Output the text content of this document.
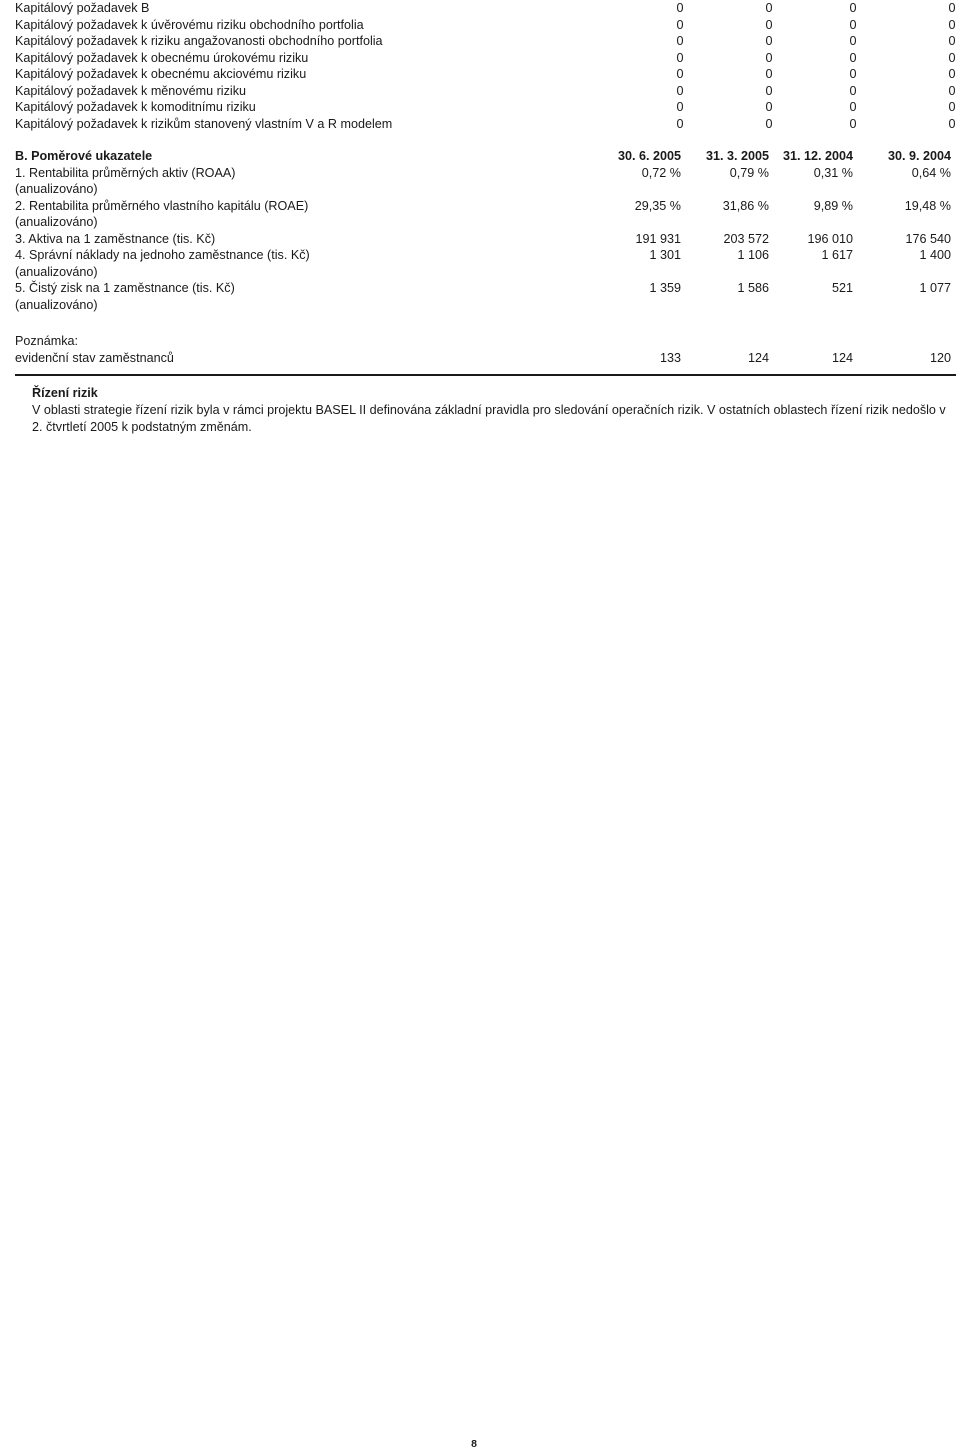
Kapitálový požadavek B	0	0	0	0
Kapitálový požadavek k úvěrovému riziku obchodního portfolia	0	0	0	0
Kapitálový požadavek k riziku angažovanosti obchodního portfolia	0	0	0	0
Kapitálový požadavek k obecnému úrokovému riziku	0	0	0	0
Kapitálový požadavek k obecnému akciovému riziku	0	0	0	0
Kapitálový požadavek k měnovému riziku	0	0	0	0
Kapitálový požadavek k komoditnímu riziku	0	0	0	0
Kapitálový požadavek k rizikům stanovený vlastním V a R modelem	0	0	0	0
B. Poměrové ukazatele	30. 6. 2005	31. 3. 2005	31. 12. 2004	30. 9. 2004
1. Rentabilita průměrných aktiv (ROAA)	0,72 %	0,79 %	0,31 %	0,64 %
(anualizováno)
2. Rentabilita průměrného vlastního kapitálu (ROAE)	29,35 %	31,86 %	9,89 %	19,48 %
(anualizováno)
3. Aktiva na 1 zaměstnance (tis. Kč)	191 931	203 572	196 010	176 540
4. Správní náklady na jednoho zaměstnance (tis. Kč)	1 301	1 106	1 617	1 400
(anualizováno)
5. Čistý zisk na 1 zaměstnance (tis. Kč)	1 359	1 586	521	1 077
(anualizováno)
Poznámka:
evidenční stav zaměstnanců	133	124	124	120
Řízení rizik

V oblasti strategie řízení rizik byla v rámci projektu BASEL II definována základní pravidla pro sledování operačních rizik. V ostatních oblastech řízení rizik nedošlo v 2. čtvrtletí 2005 k podstatným změnám.

8
